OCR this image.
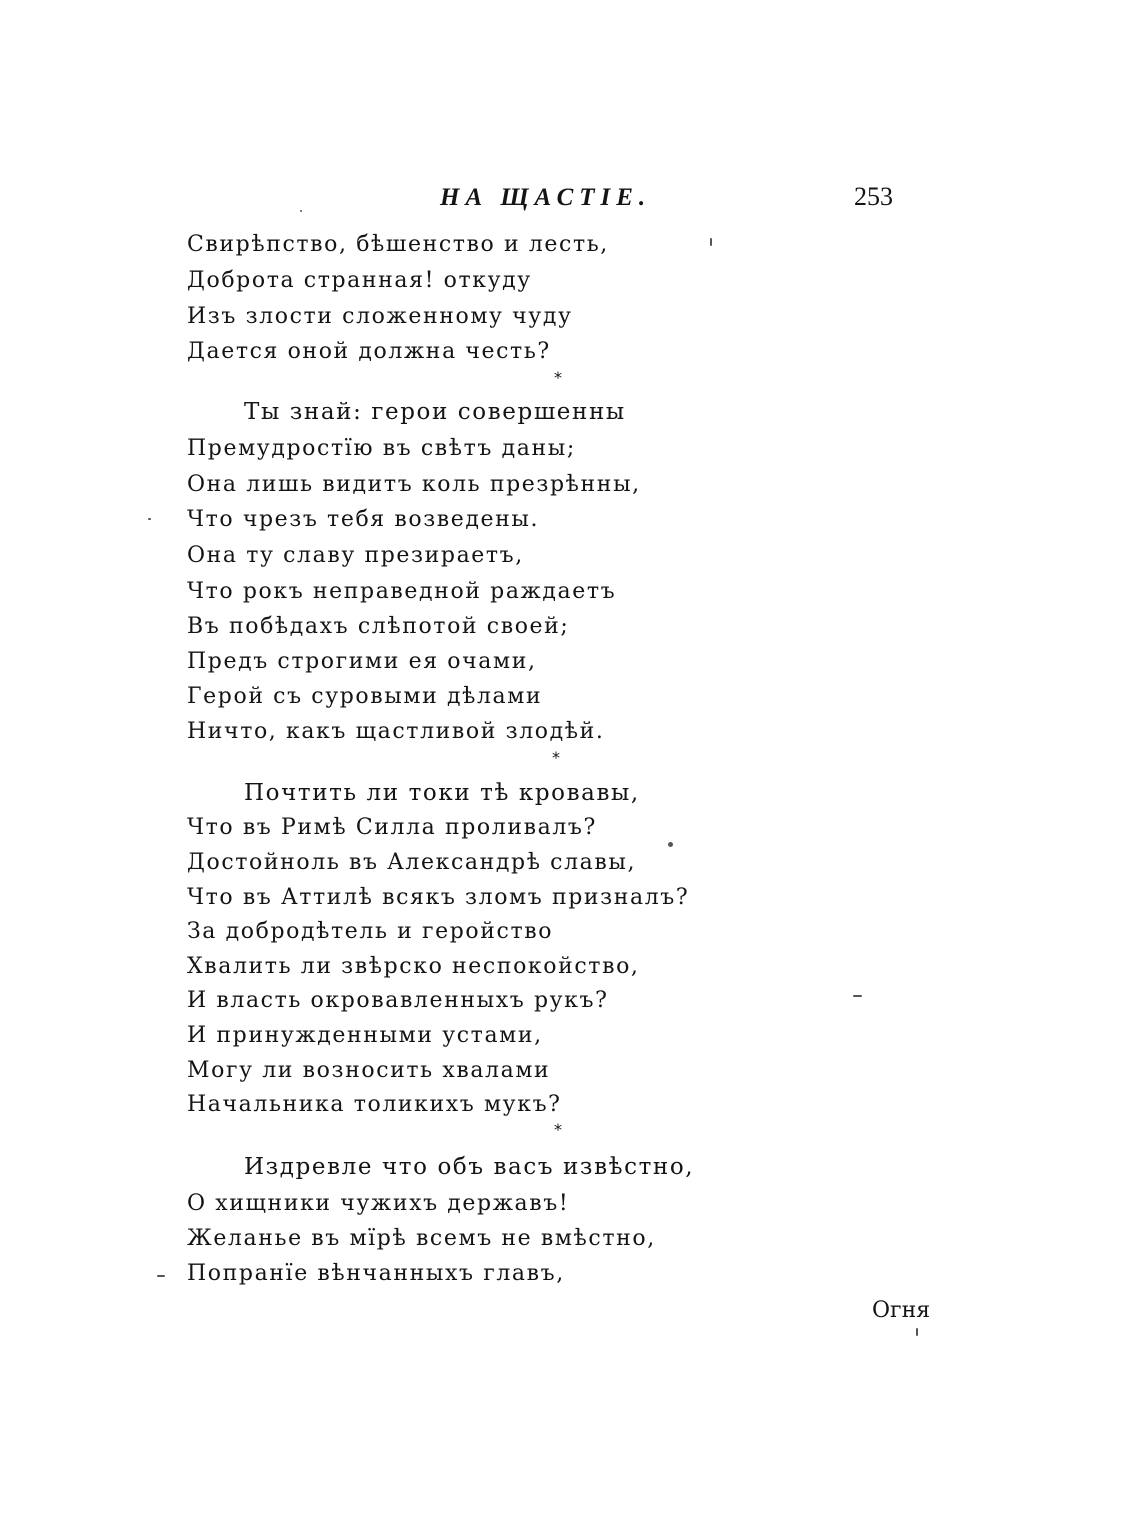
НА ЩАСТІЕ.	253
Свирѣпство, бѣшенство и лесть,
Доброта странная! откуду
Изъ злости сложенному чуду
Дается оной должна честь?
*
Ты знай: герои совершенны
Премудростїю въ свѣтъ даны;
Она лишь видитъ коль презрѣнны,
Что чрезъ тебя возведены.
Она ту славу презираетъ,
Что рокъ неправедной раждаетъ
Въ побѣдахъ слѣпотой своей;
Предъ строгими ея очами,
Герой съ суровыми дѣлами
Ничто, какъ щастливой злодѣй.
*
Почтить ли токи тѣ кровавы,
Что въ Римѣ Силла проливалъ?
Достойноль въ Александрѣ славы,
Что въ Аттилѣ всякъ зломъ призналъ?
За добродѣтель и геройство
Хвалить ли звѣрско неспокойство,
И власть окровавленныхъ рукъ?
И принужденными устами,
Могу ли возносить хвалами
Начальника толикихъ мукъ?
*
Издревле что объ васъ извѣстно,
О хищники чужихъ державъ!
Желанье въ мїрѣ всемъ не вмѣстно,
Попранїе вѣнчанныхъ главъ,
Огня
